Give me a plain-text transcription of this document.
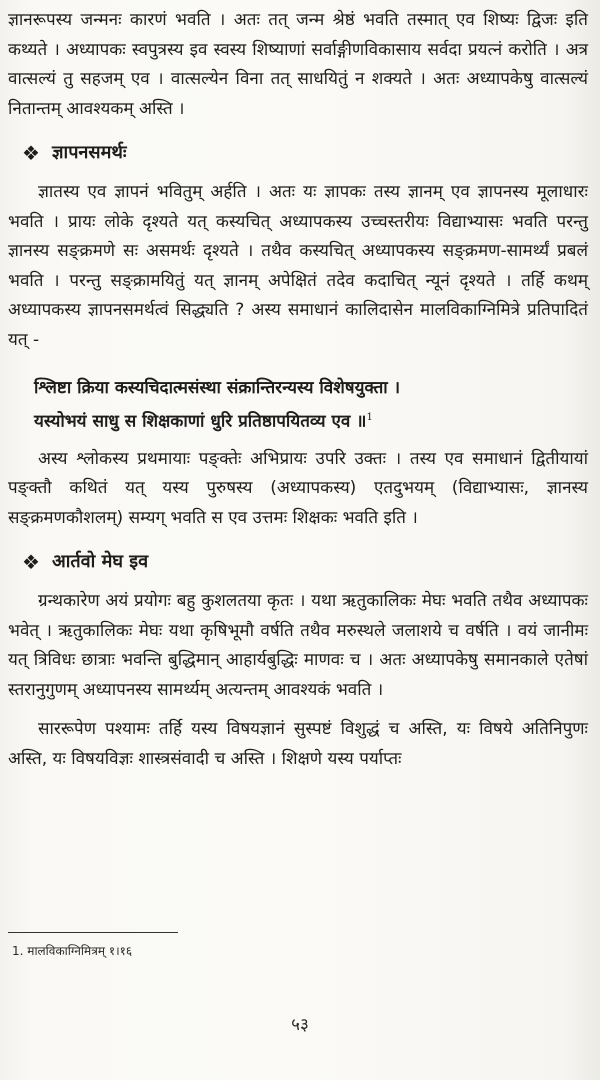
ज्ञानरूपस्य जन्मनः कारणं भवति । अतः तत् जन्म श्रेष्ठं भवति तस्मात् एव शिष्यः द्विजः इति कथ्यते । अध्यापकः स्वपुत्रस्य इव स्वस्य शिष्याणां सर्वाङ्गीणविकासाय सर्वदा प्रयत्नं करोति । अत्र वात्सल्यं तु सहजम् एव । वात्सल्येन विना तत् साधयितुं न शक्यते । अतः अध्यापकेषु वात्सल्यं नितान्तम् आवश्यकम् अस्ति ।

❖ ज्ञापनसमर्थः

ज्ञातस्य एव ज्ञापनं भवितुम् अर्हति । अतः यः ज्ञापकः तस्य ज्ञानम् एव ज्ञापनस्य मूलाधारः भवति । प्रायः लोके दृश्यते यत् कस्यचित् अध्यापकस्य उच्चस्तरीयः विद्याभ्यासः भवति परन्तु ज्ञानस्य सङ्क्रमणे सः असमर्थः दृश्यते । तथैव कस्यचित् अध्यापकस्य सङ्क्रमण-सामर्थ्यं प्रबलं भवति । परन्तु सङ्क्रामयितुं यत् ज्ञानम् अपेक्षितं तदेव कदाचित् न्यूनं दृश्यते । तर्हि कथम् अध्यापकस्य ज्ञापनसमर्थत्वं सिद्ध्यति ? अस्य समाधानं कालिदासेन मालविकाग्निमित्रे प्रतिपादितं यत् -

श्लिष्टा क्रिया कस्यचिदात्मसंस्था संक्रान्तिरन्यस्य विशेषयुक्ता ।
यस्योभयं साधु स शिक्षकाणां धुरि प्रतिष्ठापयितव्य एव ॥$^1$

अस्य श्लोकस्य प्रथमायाः पङ्क्तेः अभिप्रायः उपरि उक्तः । तस्य एव समाधानं द्वितीयायां पङ्क्तौ कथितं यत् यस्य पुरुषस्य (अध्यापकस्य) एतदुभयम् (विद्याभ्यासः, ज्ञानस्य सङ्क्रमणकौशलम्) सम्यग् भवति स एव उत्तमः शिक्षकः भवति इति ।

❖ आर्तवो मेघ इव

ग्रन्थकारेण अयं प्रयोगः बहु कुशलतया कृतः । यथा ऋतुकालिकः मेघः भवति तथैव अध्यापकः भवेत् । ऋतुकालिकः मेघः यथा कृषिभूमौ वर्षति तथैव मरुस्थले जलाशये च वर्षति । वयं जानीमः यत् त्रिविधः छात्राः भवन्ति बुद्धिमान् आहार्यबुद्धिः माणवः च । अतः अध्यापकेषु समानकाले एतेषां स्तरानुगुणम् अध्यापनस्य सामर्थ्यम् अत्यन्तम् आवश्यकं भवति ।

साररूपेण पश्यामः तर्हि यस्य विषयज्ञानं सुस्पष्टं विशुद्धं च अस्ति, यः विषये अतिनिपुणः अस्ति, यः विषयविज्ञः शास्त्रसंवादी च अस्ति । शिक्षणे यस्य पर्याप्तः

1. मालविकाग्निमित्रम् १।१६
५३
